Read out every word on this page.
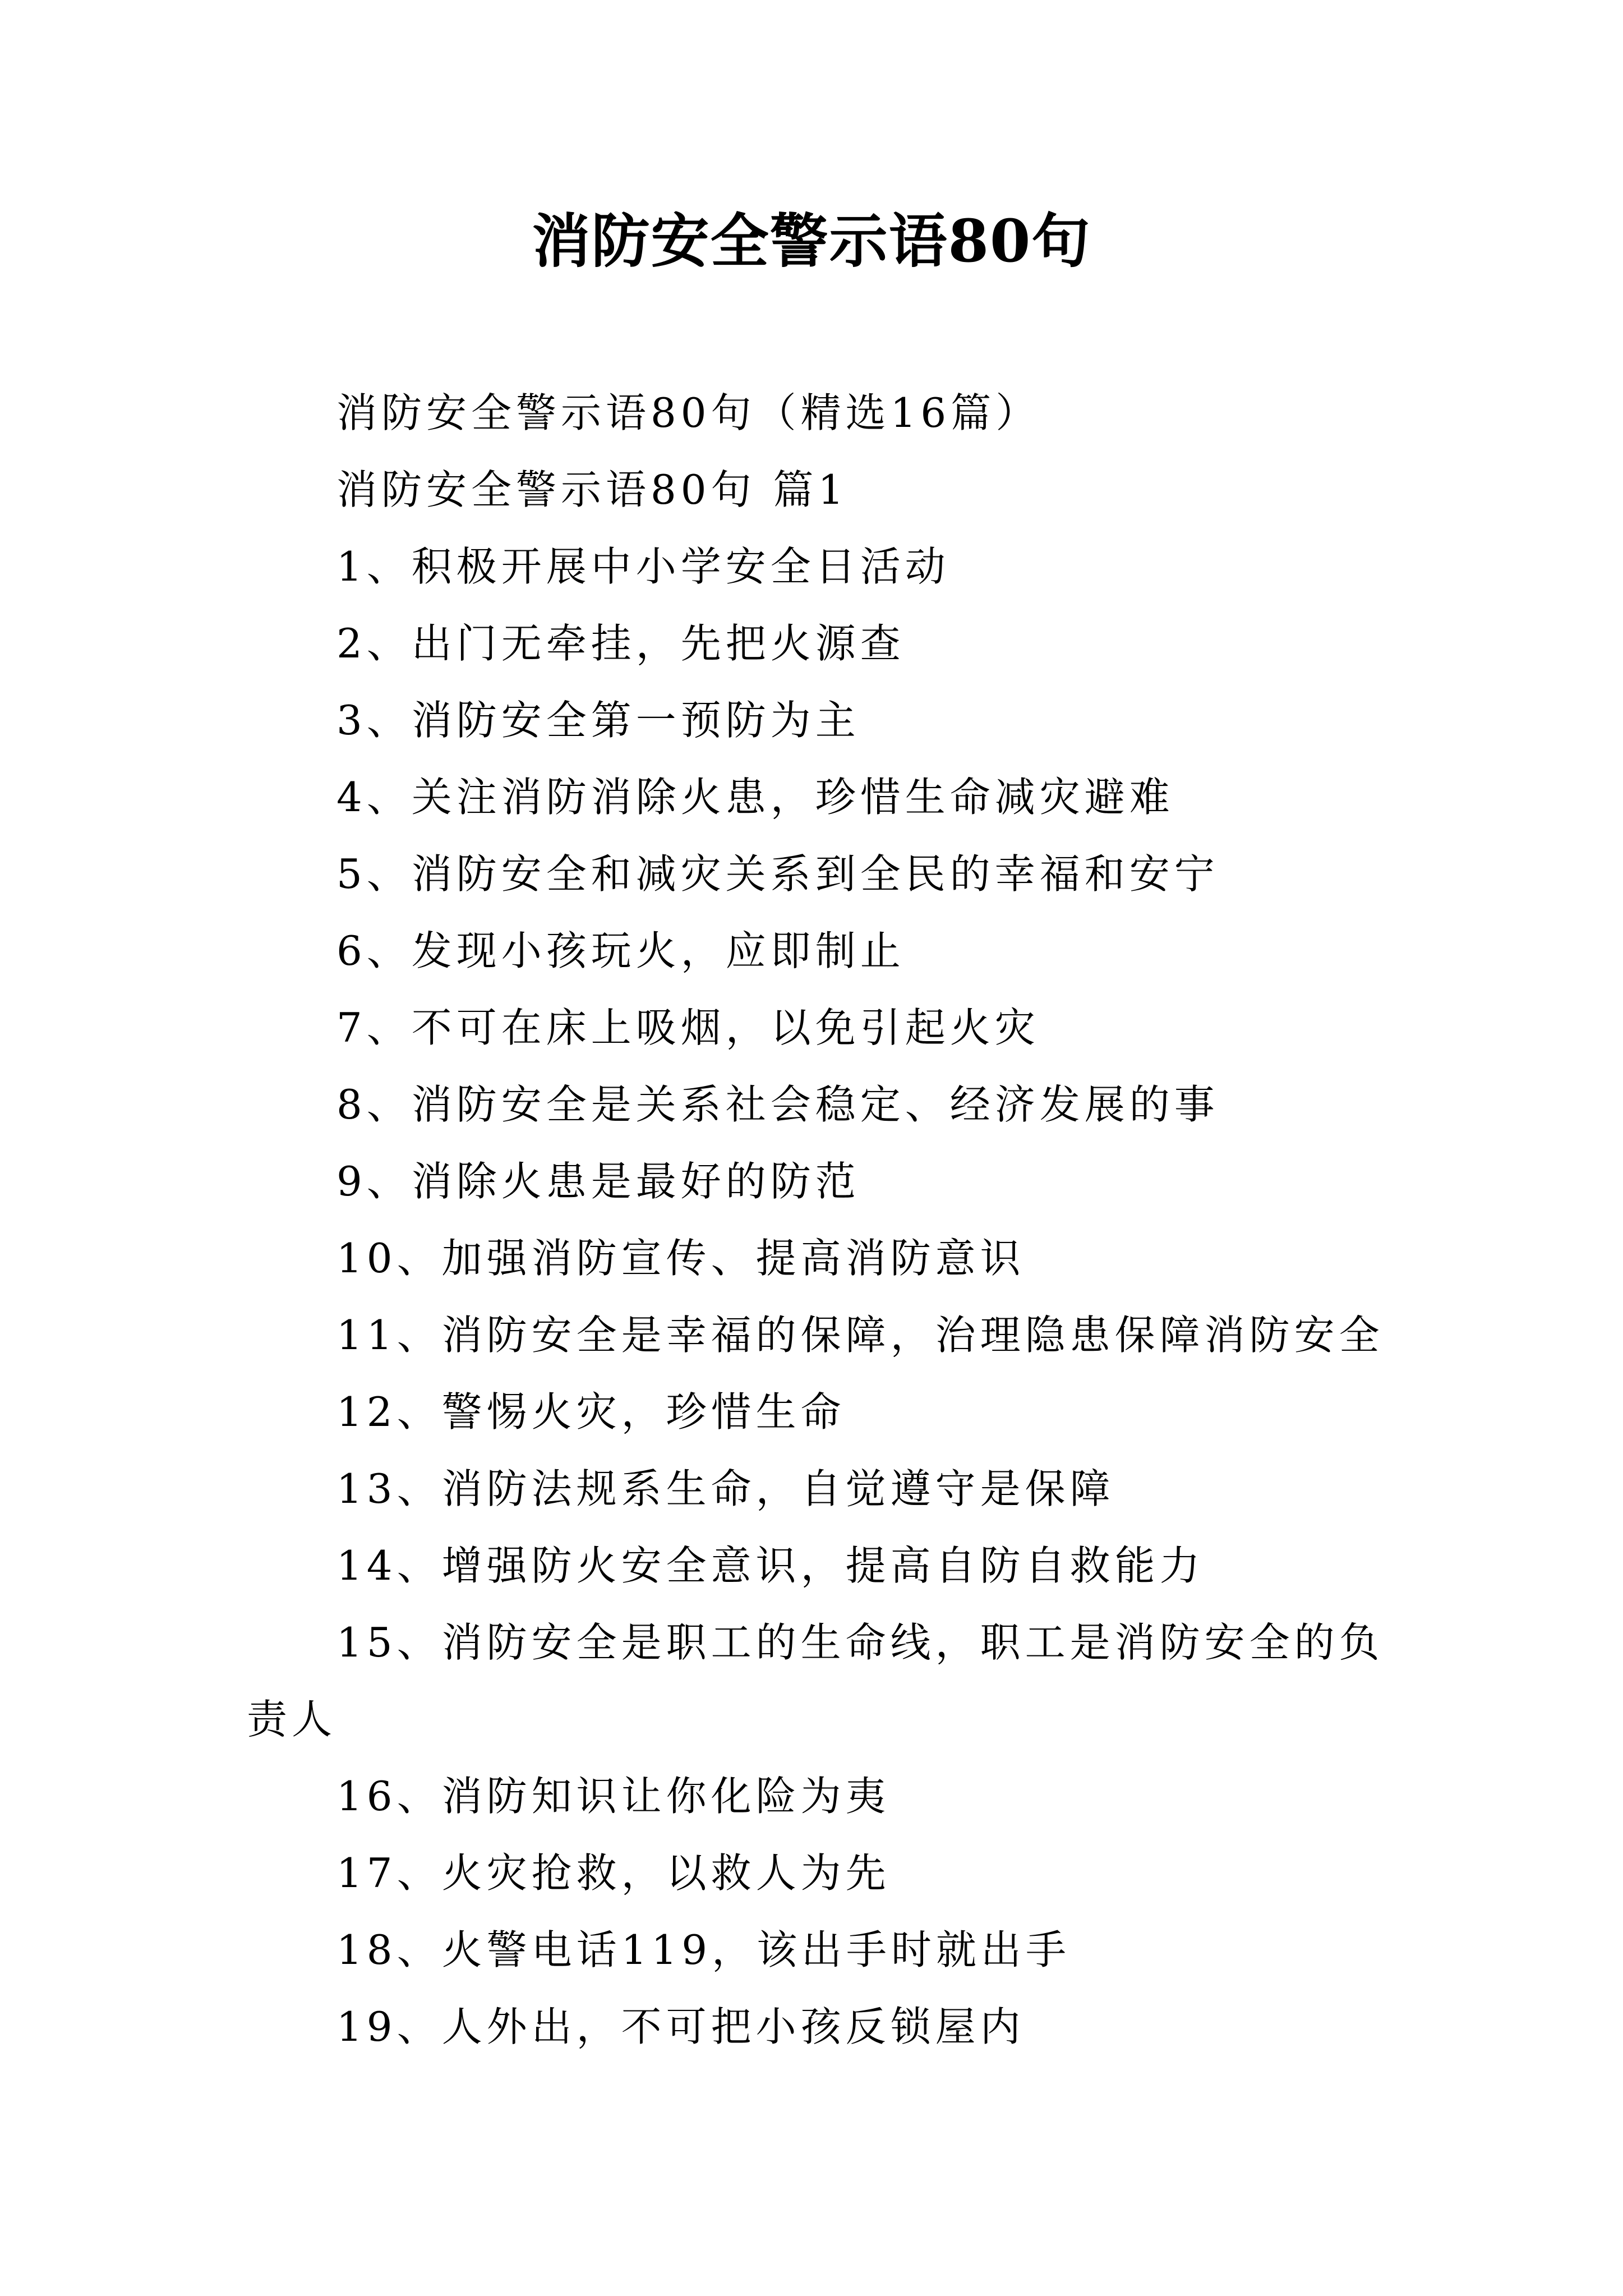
消防安全警示语80句

消防安全警示语80句（精选16篇）

消防安全警示语80句 篇1

1、积极开展中小学安全日活动

2、出门无牵挂，先把火源查

3、消防安全第一预防为主

4、关注消防消除火患，珍惜生命减灾避难

5、消防安全和减灾关系到全民的幸福和安宁

6、发现小孩玩火，应即制止

7、不可在床上吸烟，以免引起火灾

8、消防安全是关系社会稳定、经济发展的事

9、消除火患是最好的防范

10、加强消防宣传、提高消防意识

11、消防安全是幸福的保障，治理隐患保障消防安全

12、警惕火灾，珍惜生命

13、消防法规系生命，自觉遵守是保障

14、增强防火安全意识，提高自防自救能力

15、消防安全是职工的生命线，职工是消防安全的负责人

16、消防知识让你化险为夷

17、火灾抢救，以救人为先

18、火警电话119，该出手时就出手

19、人外出，不可把小孩反锁屋内
